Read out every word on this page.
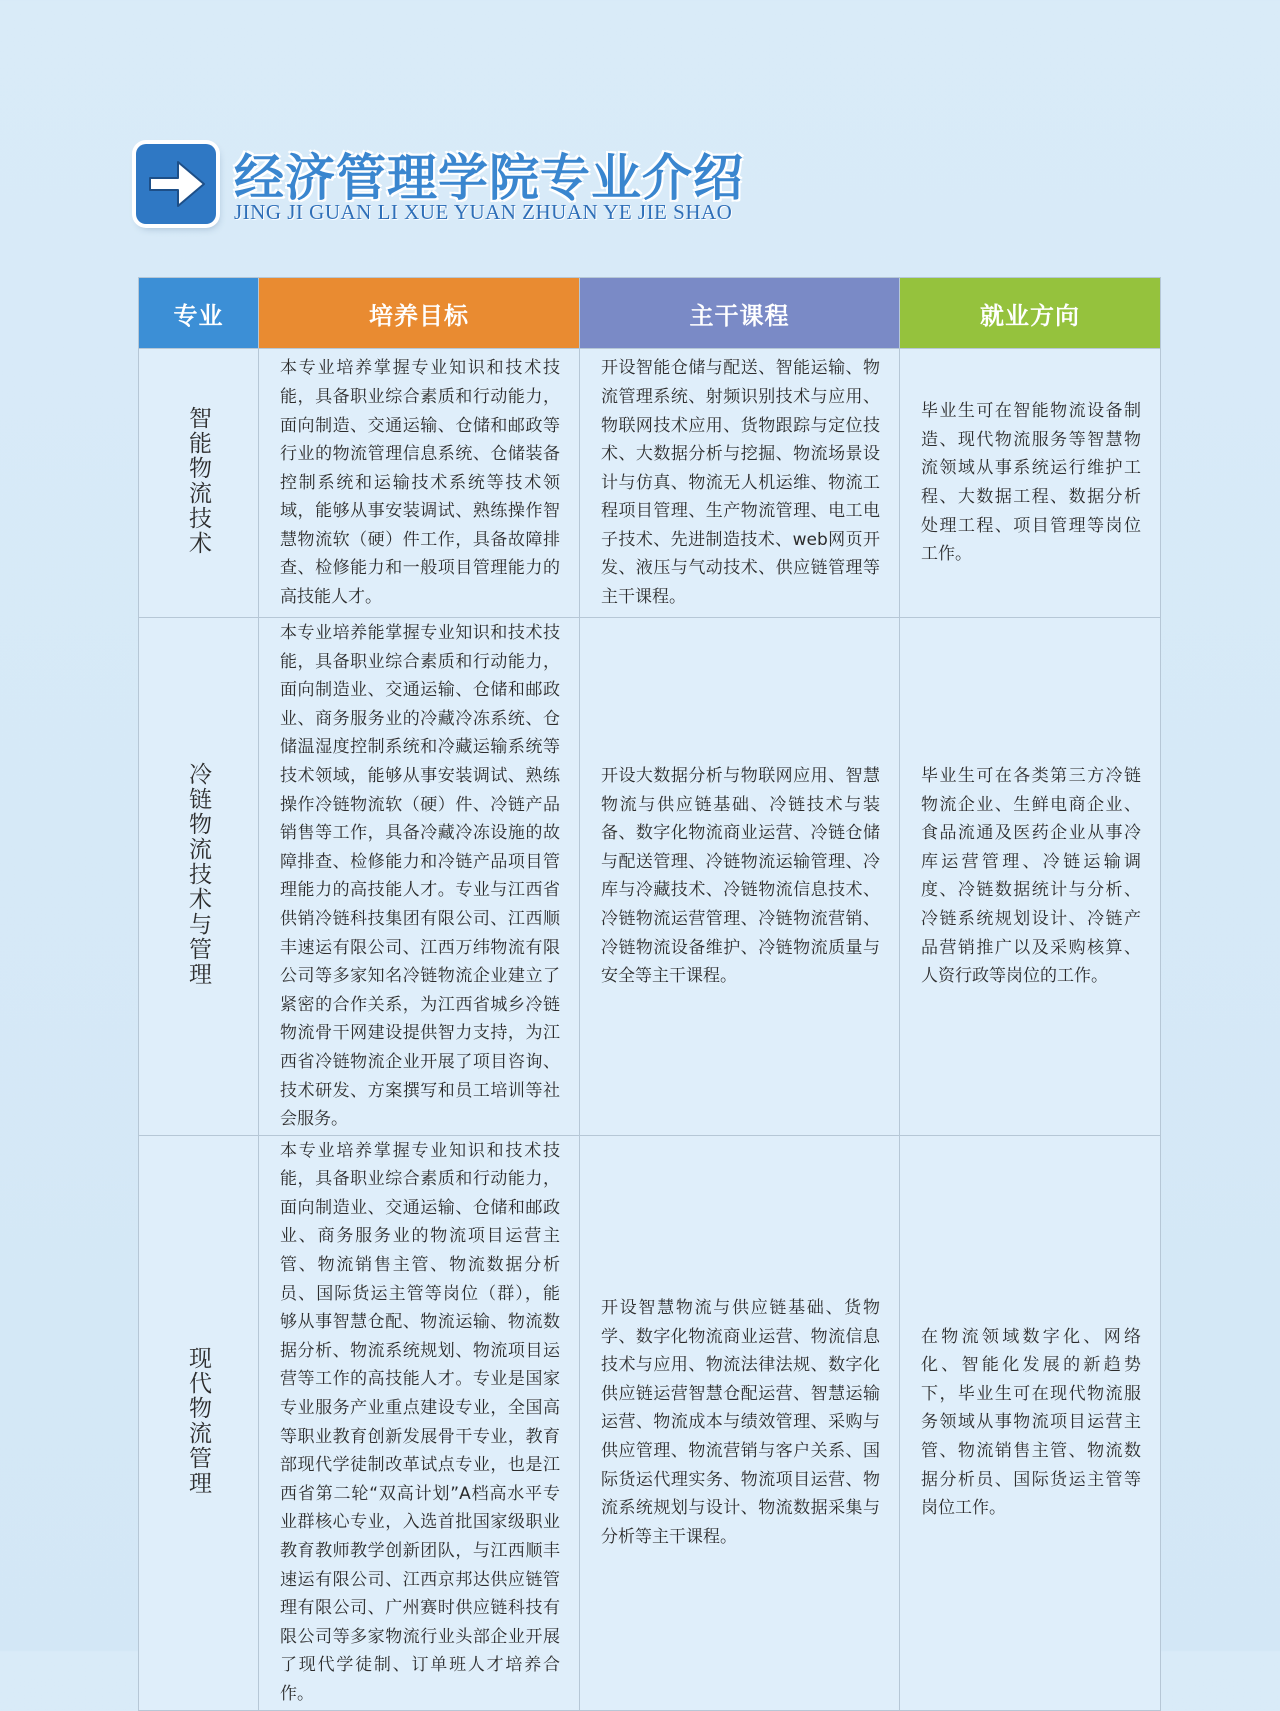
经济管理学院专业介绍
JING JI GUAN LI XUE YUAN ZHUAN YE JIE SHAO
专业	培养目标	主干课程	就业方向
智能物流技术	本专业培养掌握专业知识和技术技能，具备职业综合素质和行动能力，面向制造、交通运输、仓储和邮政等行业的物流管理信息系统、仓储装备控制系统和运输技术系统等技术领域，能够从事安装调试、熟练操作智慧物流软（硬）件工作，具备故障排查、检修能力和一般项目管理能力的高技能人才。	开设智能仓储与配送、智能运输、物流管理系统、射频识别技术与应用、物联网技术应用、货物跟踪与定位技术、大数据分析与挖掘、物流场景设计与仿真、物流无人机运维、物流工程项目管理、生产物流管理、电工电子技术、先进制造技术、web网页开发、液压与气动技术、供应链管理等主干课程。	毕业生可在智能物流设备制造、现代物流服务等智慧物流领域从事系统运行维护工程、大数据工程、数据分析处理工程、项目管理等岗位工作。

冷链物流技术与管理	本专业培养能掌握专业知识和技术技能，具备职业综合素质和行动能力，面向制造业、交通运输、仓储和邮政业、商务服务业的冷藏冷冻系统、仓储温湿度控制系统和冷藏运输系统等技术领域，能够从事安装调试、熟练操作冷链物流软（硬）件、冷链产品销售等工作，具备冷藏冷冻设施的故障排查、检修能力和冷链产品项目管理能力的高技能人才。专业与江西省供销冷链科技集团有限公司、江西顺丰速运有限公司、江西万纬物流有限公司等多家知名冷链物流企业建立了紧密的合作关系，为江西省城乡冷链物流骨干网建设提供智力支持，为江西省冷链物流企业开展了项目咨询、技术研发、方案撰写和员工培训等社会服务。	开设大数据分析与物联网应用、智慧物流与供应链基础、冷链技术与装备、数字化物流商业运营、冷链仓储与配送管理、冷链物流运输管理、冷库与冷藏技术、冷链物流信息技术、冷链物流运营管理、冷链物流营销、冷链物流设备维护、冷链物流质量与安全等主干课程。	毕业生可在各类第三方冷链物流企业、生鲜电商企业、食品流通及医药企业从事冷库运营管理、冷链运输调度、冷链数据统计与分析、冷链系统规划设计、冷链产品营销推广以及采购核算、人资行政等岗位的工作。

现代物流管理	本专业培养掌握专业知识和技术技能，具备职业综合素质和行动能力，面向制造业、交通运输、仓储和邮政业、商务服务业的物流项目运营主管、物流销售主管、物流数据分析员、国际货运主管等岗位（群），能够从事智慧仓配、物流运输、物流数据分析、物流系统规划、物流项目运营等工作的高技能人才。专业是国家专业服务产业重点建设专业，全国高等职业教育创新发展骨干专业，教育部现代学徒制改革试点专业，也是江西省第二轮“双高计划”A档高水平专业群核心专业，入选首批国家级职业教育教师教学创新团队，与江西顺丰速运有限公司、江西京邦达供应链管理有限公司、广州赛时供应链科技有限公司等多家物流行业头部企业开展了现代学徒制、订单班人才培养合作。	开设智慧物流与供应链基础、货物学、数字化物流商业运营、物流信息技术与应用、物流法律法规、数字化供应链运营智慧仓配运营、智慧运输运营、物流成本与绩效管理、采购与供应管理、物流营销与客户关系、国际货运代理实务、物流项目运营、物流系统规划与设计、物流数据采集与分析等主干课程。	在物流领域数字化、网络化、智能化发展的新趋势下，毕业生可在现代物流服务领域从事物流项目运营主管、物流销售主管、物流数据分析员、国际货运主管等岗位工作。
